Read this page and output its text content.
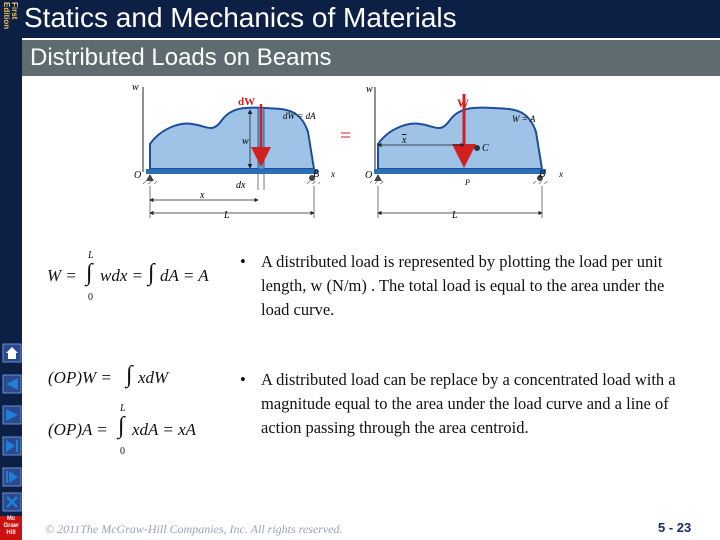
First
Edition
Mc
Graw
Hill
Statics and Mechanics of Materials
Distributed Loads on Beams
w
dW
dW = dA
w
O	B x
dx
x
L
=
w
W
W = A
C
x
O
P
B x
L
W =
L
∫
0
wdx = ∫ dA = A
(OP)W = ∫ xdW
L
(OP)A = ∫
0
xdA = xA
• A distributed load is represented by plotting the load per unit length, w (N/m) . The total load is equal to the area under the load curve.
• A distributed load can be replace by a concentrated load with a magnitude equal to the area under the load curve and a line of action passing through the area centroid.
© 2011The McGraw-Hill Companies, Inc. All rights reserved.	5 - 23
